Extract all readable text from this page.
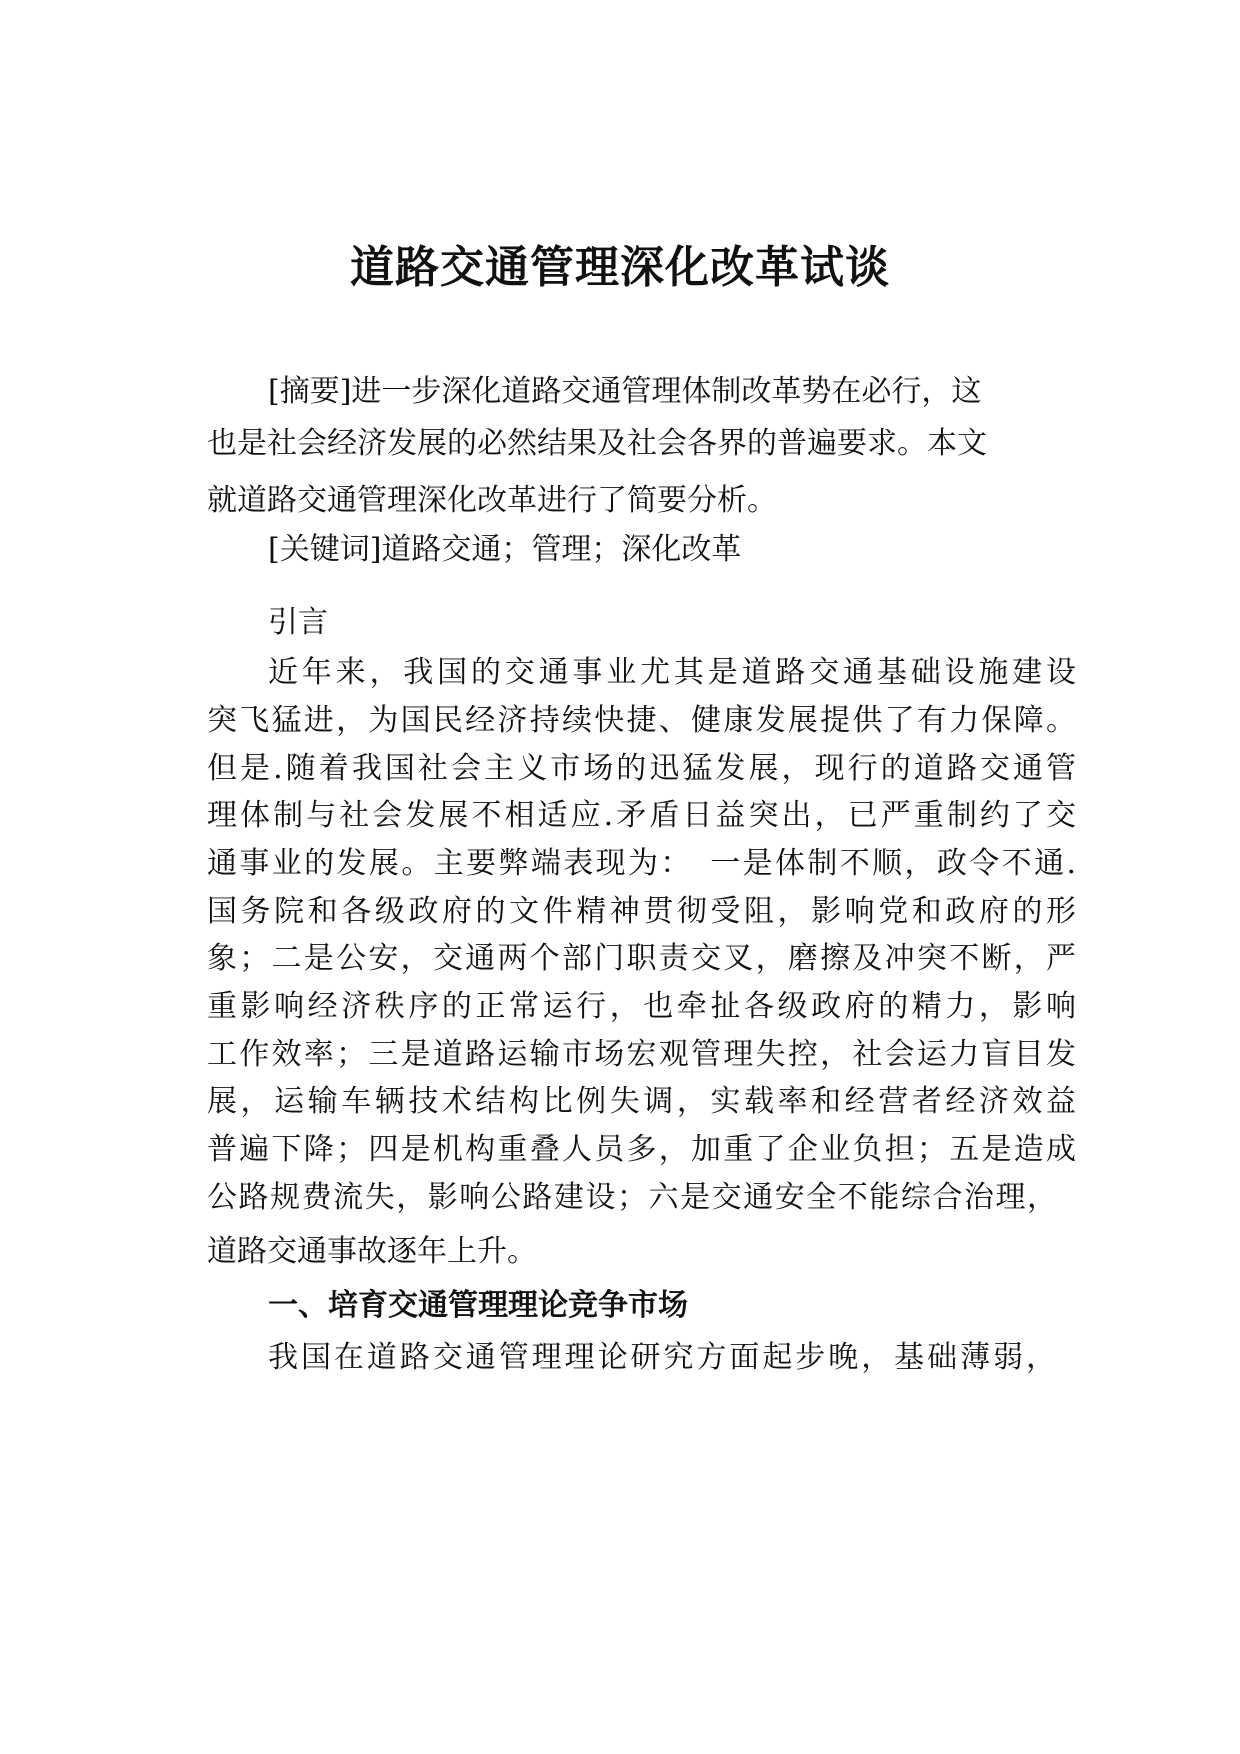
道路交通管理深化改革试谈
[摘要]进一步深化道路交通管理体制改革势在必行，这
也是社会经济发展的必然结果及社会各界的普遍要求。本文
就道路交通管理深化改革进行了简要分析。
[关键词]道路交通；管理；深化改革
引言
近年来，我国的交通事业尤其是道路交通基础设施建设
突飞猛进，为国民经济持续快捷、健康发展提供了有力保障。
但是.随着我国社会主义市场的迅猛发展，现行的道路交通管
理体制与社会发展不相适应.矛盾日益突出，已严重制约了交
通事业的发展。主要弊端表现为：　一是体制不顺，政令不通.
国务院和各级政府的文件精神贯彻受阻，影响党和政府的形
象；二是公安，交通两个部门职责交叉，磨擦及冲突不断，严
重影响经济秩序的正常运行，也牵扯各级政府的精力，影响
工作效率；三是道路运输市场宏观管理失控，社会运力盲目发
展，运输车辆技术结构比例失调，实载率和经营者经济效益
普遍下降；四是机构重叠人员多，加重了企业负担；五是造成
公路规费流失，影响公路建设；六是交通安全不能综合治理，
道路交通事故逐年上升。
一、培育交通管理理论竞争市场
我国在道路交通管理理论研究方面起步晚，基础薄弱，
